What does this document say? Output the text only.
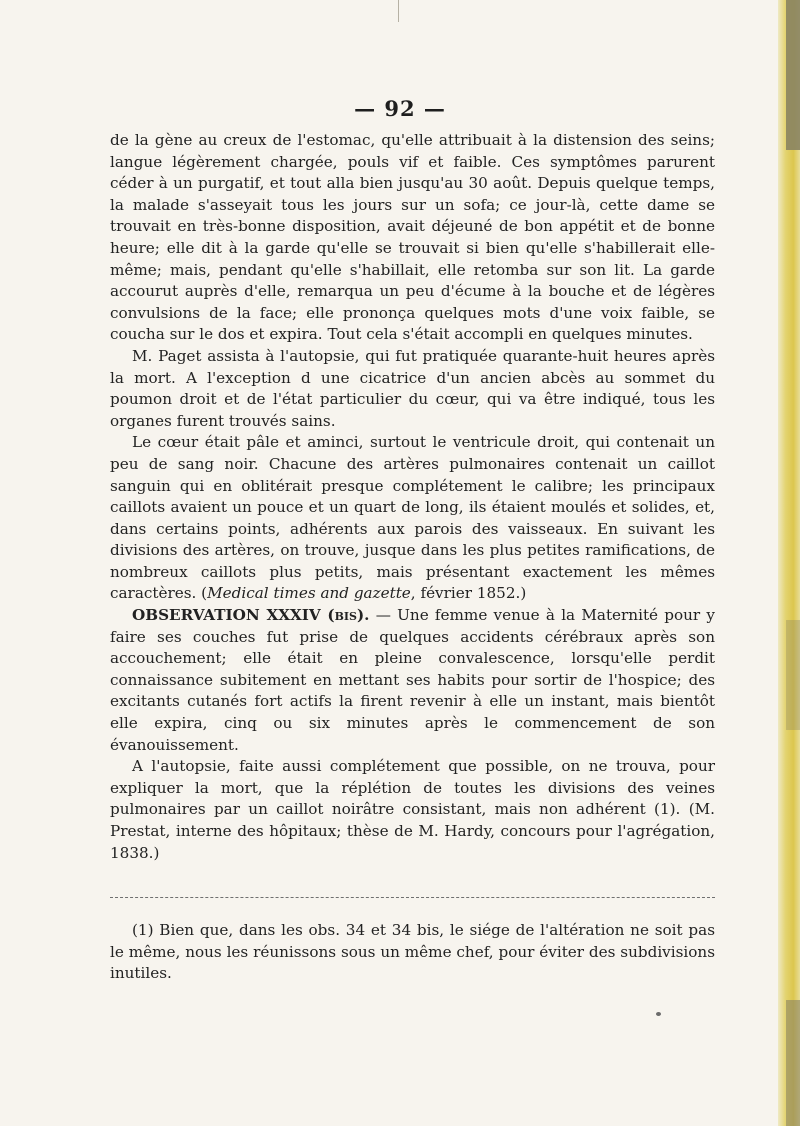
— 92 —

de la gène au creux de l'estomac, qu'elle attribuait à la distension des seins; langue légèrement chargée, pouls vif et faible. Ces symptômes parurent céder à un purgatif, et tout alla bien jusqu'au 30 août. Depuis quelque temps, la malade s'asseyait tous les jours sur un sofa; ce jour-là, cette dame se trouvait en très-bonne disposition, avait déjeuné de bon appétit et de bonne heure; elle dit à la garde qu'elle se trouvait si bien qu'elle s'habillerait elle-même; mais, pendant qu'elle s'habillait, elle retomba sur son lit. La garde accourut auprès d'elle, remarqua un peu d'écume à la bouche et de légères convulsions de la face; elle prononça quelques mots d'une voix faible, se coucha sur le dos et expira. Tout cela s'était accompli en quelques minutes.

M. Paget assista à l'autopsie, qui fut pratiquée quarante-huit heures après la mort. A l'exception d une cicatrice d'un ancien abcès au sommet du poumon droit et de l'état particulier du cœur, qui va être indiqué, tous les organes furent trouvés sains.

Le cœur était pâle et aminci, surtout le ventricule droit, qui contenait un peu de sang noir. Chacune des artères pulmonaires contenait un caillot sanguin qui en oblitérait presque complétement le calibre; les principaux caillots avaient un pouce et un quart de long, ils étaient moulés et solides, et, dans certains points, adhérents aux parois des vaisseaux. En suivant les divisions des artères, on trouve, jusque dans les plus petites ramifications, de nombreux caillots plus petits, mais présentant exactement les mêmes caractères. (Medical times and gazette, février 1852.)

OBSERVATION XXXIV (bis). — Une femme venue à la Maternité pour y faire ses couches fut prise de quelques accidents cérébraux après son accouchement; elle était en pleine convalescence, lorsqu'elle perdit connaissance subitement en mettant ses habits pour sortir de l'hospice; des excitants cutanés fort actifs la firent revenir à elle un instant, mais bientôt elle expira, cinq ou six minutes après le commencement de son évanouissement.

A l'autopsie, faite aussi complétement que possible, on ne trouva, pour expliquer la mort, que la réplétion de toutes les divisions des veines pulmonaires par un caillot noirâtre consistant, mais non adhérent (1). (M. Prestat, interne des hôpitaux; thèse de M. Hardy, concours pour l'agrégation, 1838.)

(1) Bien que, dans les obs. 34 et 34 bis, le siége de l'altération ne soit pas le même, nous les réunissons sous un même chef, pour éviter des subdivisions inutiles.
